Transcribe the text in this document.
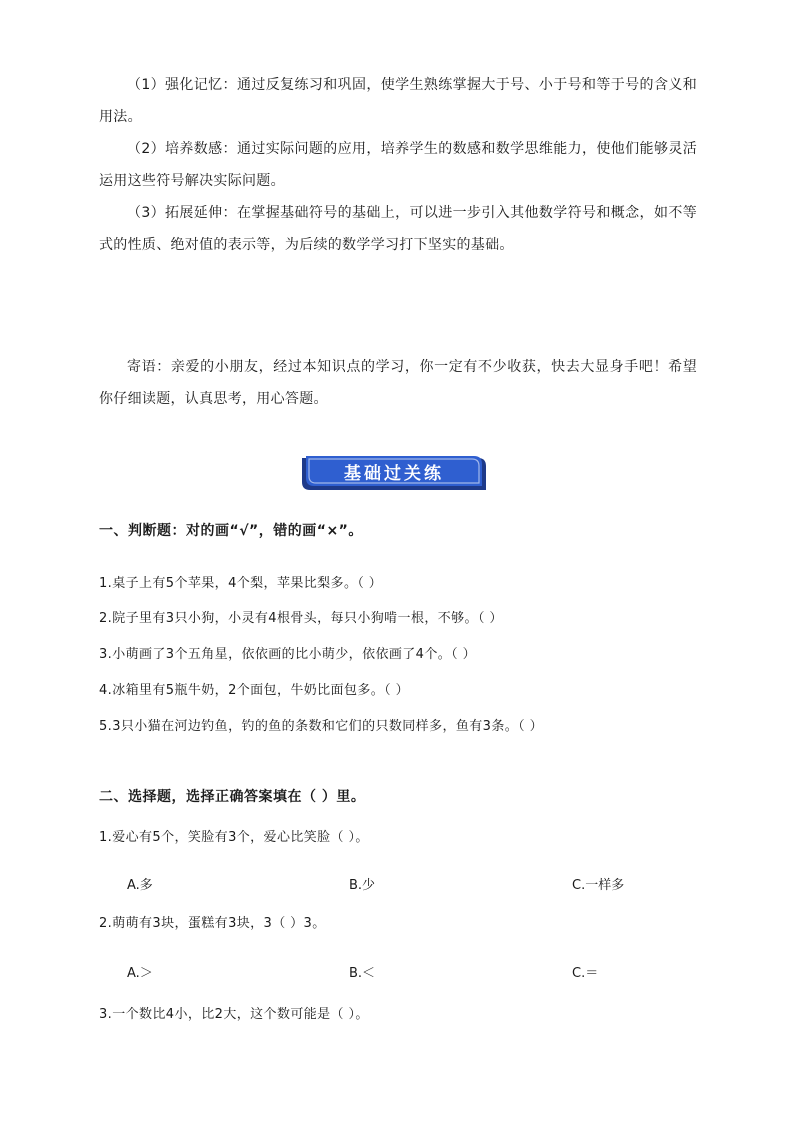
（1）强化记忆：通过反复练习和巩固，使学生熟练掌握大于号、小于号和等于号的含义和用法。
（2）培养数感：通过实际问题的应用，培养学生的数感和数学思维能力，使他们能够灵活运用这些符号解决实际问题。
（3）拓展延伸：在掌握基础符号的基础上，可以进一步引入其他数学符号和概念，如不等式的性质、绝对值的表示等，为后续的数学学习打下坚实的基础。
寄语：亲爱的小朋友，经过本知识点的学习，你一定有不少收获，快去大显身手吧！希望你仔细读题，认真思考，用心答题。
基础过关练
一、判断题：对的画“√”，错的画“×”。
1.桌子上有5个苹果，4个梨，苹果比梨多。（ ）
2.院子里有3只小狗，小灵有4根骨头，每只小狗啃一根，不够。（ ）
3.小萌画了3个五角星，依依画的比小萌少，依依画了4个。（ ）
4.冰箱里有5瓶牛奶，2个面包，牛奶比面包多。（ ）
5.3只小猫在河边钓鱼，钓的鱼的条数和它们的只数同样多，鱼有3条。（ ）
二、选择题，选择正确答案填在（ ）里。
1.爱心有5个，笑脸有3个，爱心比笑脸（ ）。
A.多	B.少	C.一样多
2.萌萌有3块，蛋糕有3块，3（ ）3。
A.＞	B.＜	C.＝
3.一个数比4小，比2大，这个数可能是（ ）。
